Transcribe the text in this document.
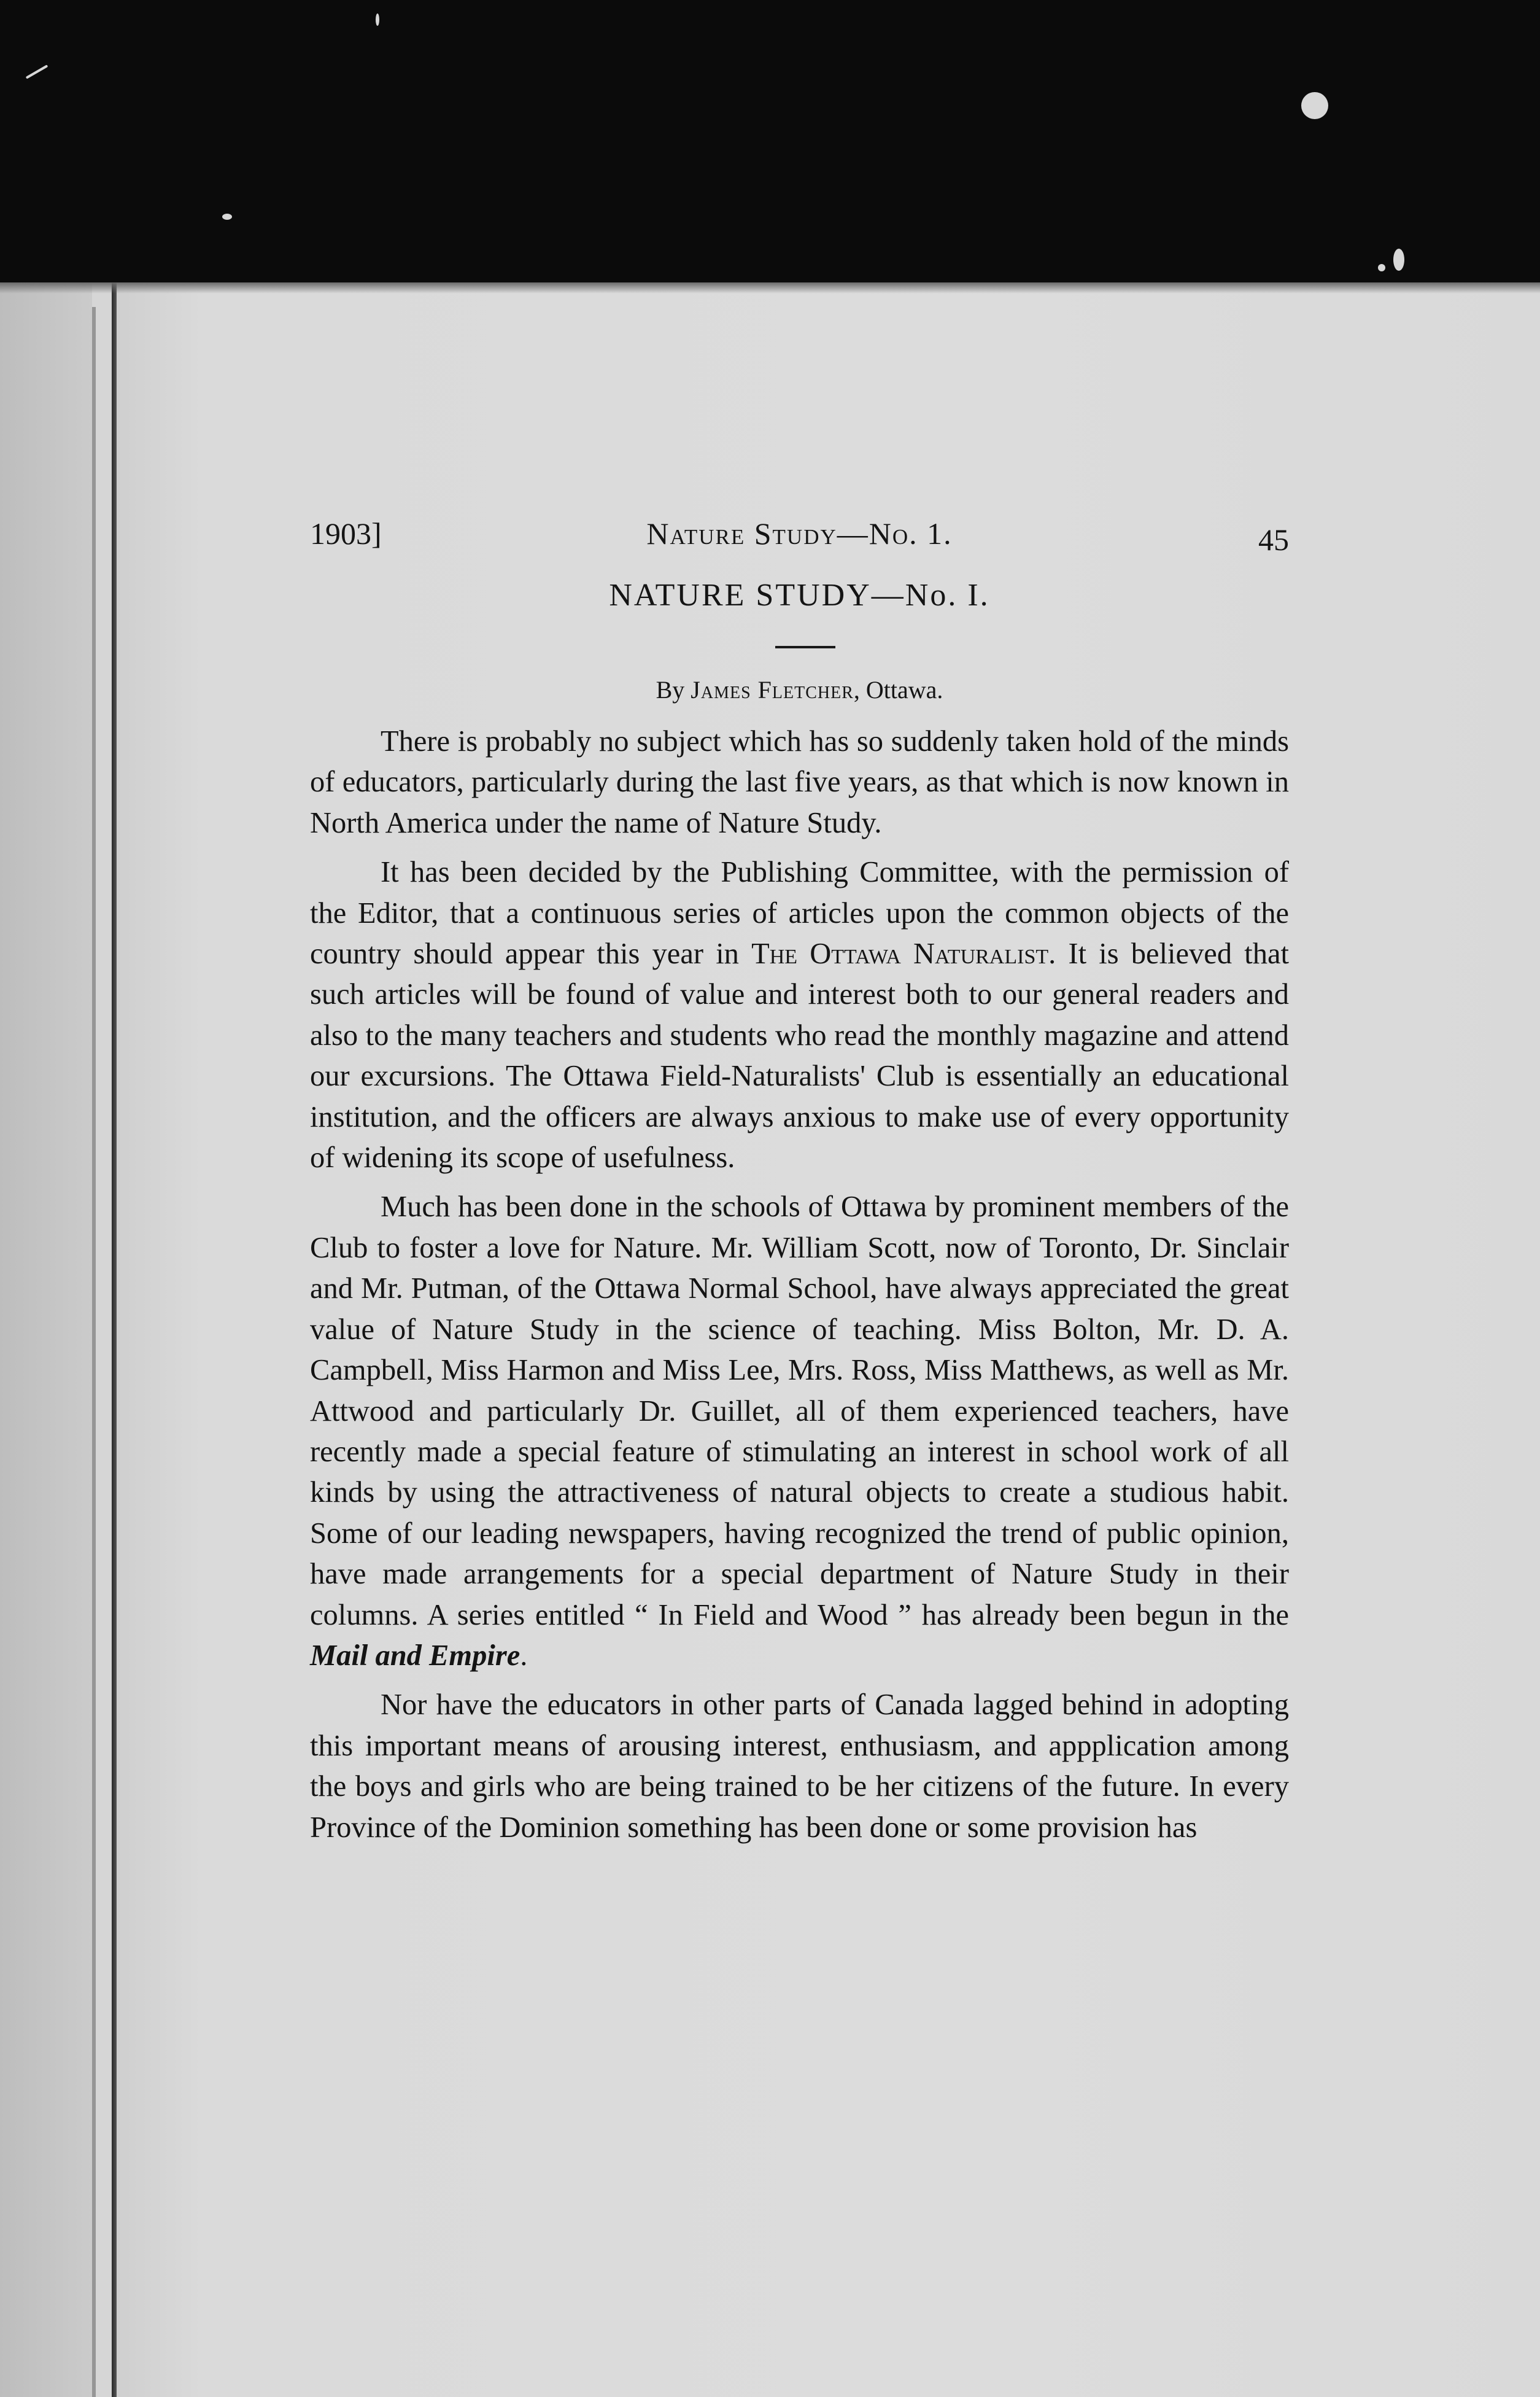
1903]	Nature Study—No. 1.	45
NATURE STUDY—No. I.
By James Fletcher, Ottawa.

There is probably no subject which has so suddenly taken hold of the minds of educators, particularly during the last five years, as that which is now known in North America under the name of Nature Study.

It has been decided by the Publishing Committee, with the permission of the Editor, that a continuous series of articles upon the common objects of the country should appear this year in The Ottawa Naturalist. It is believed that such articles will be found of value and interest both to our general readers and also to the many teachers and students who read the monthly magazine and attend our excursions. The Ottawa Field-Naturalists' Club is essentially an educational institution, and the officers are always anxious to make use of every opportunity of widening its scope of usefulness.

Much has been done in the schools of Ottawa by prominent members of the Club to foster a love for Nature. Mr. William Scott, now of Toronto, Dr. Sinclair and Mr. Putman, of the Ottawa Normal School, have always appreciated the great value of Nature Study in the science of teaching. Miss Bolton, Mr. D. A. Campbell, Miss Harmon and Miss Lee, Mrs. Ross, Miss Matthews, as well as Mr. Attwood and particularly Dr. Guillet, all of them experienced teachers, have recently made a special feature of stimulating an interest in school work of all kinds by using the attractiveness of natural objects to create a studious habit. Some of our leading newspapers, having recognized the trend of public opinion, have made arrangements for a special department of Nature Study in their columns. A series entitled “ In Field and Wood ” has already been begun in the Mail and Empire.

Nor have the educators in other parts of Canada lagged behind in adopting this important means of arousing interest, enthusiasm, and appplication among the boys and girls who are being trained to be her citizens of the future. In every Province of the Dominion something has been done or some provision has
